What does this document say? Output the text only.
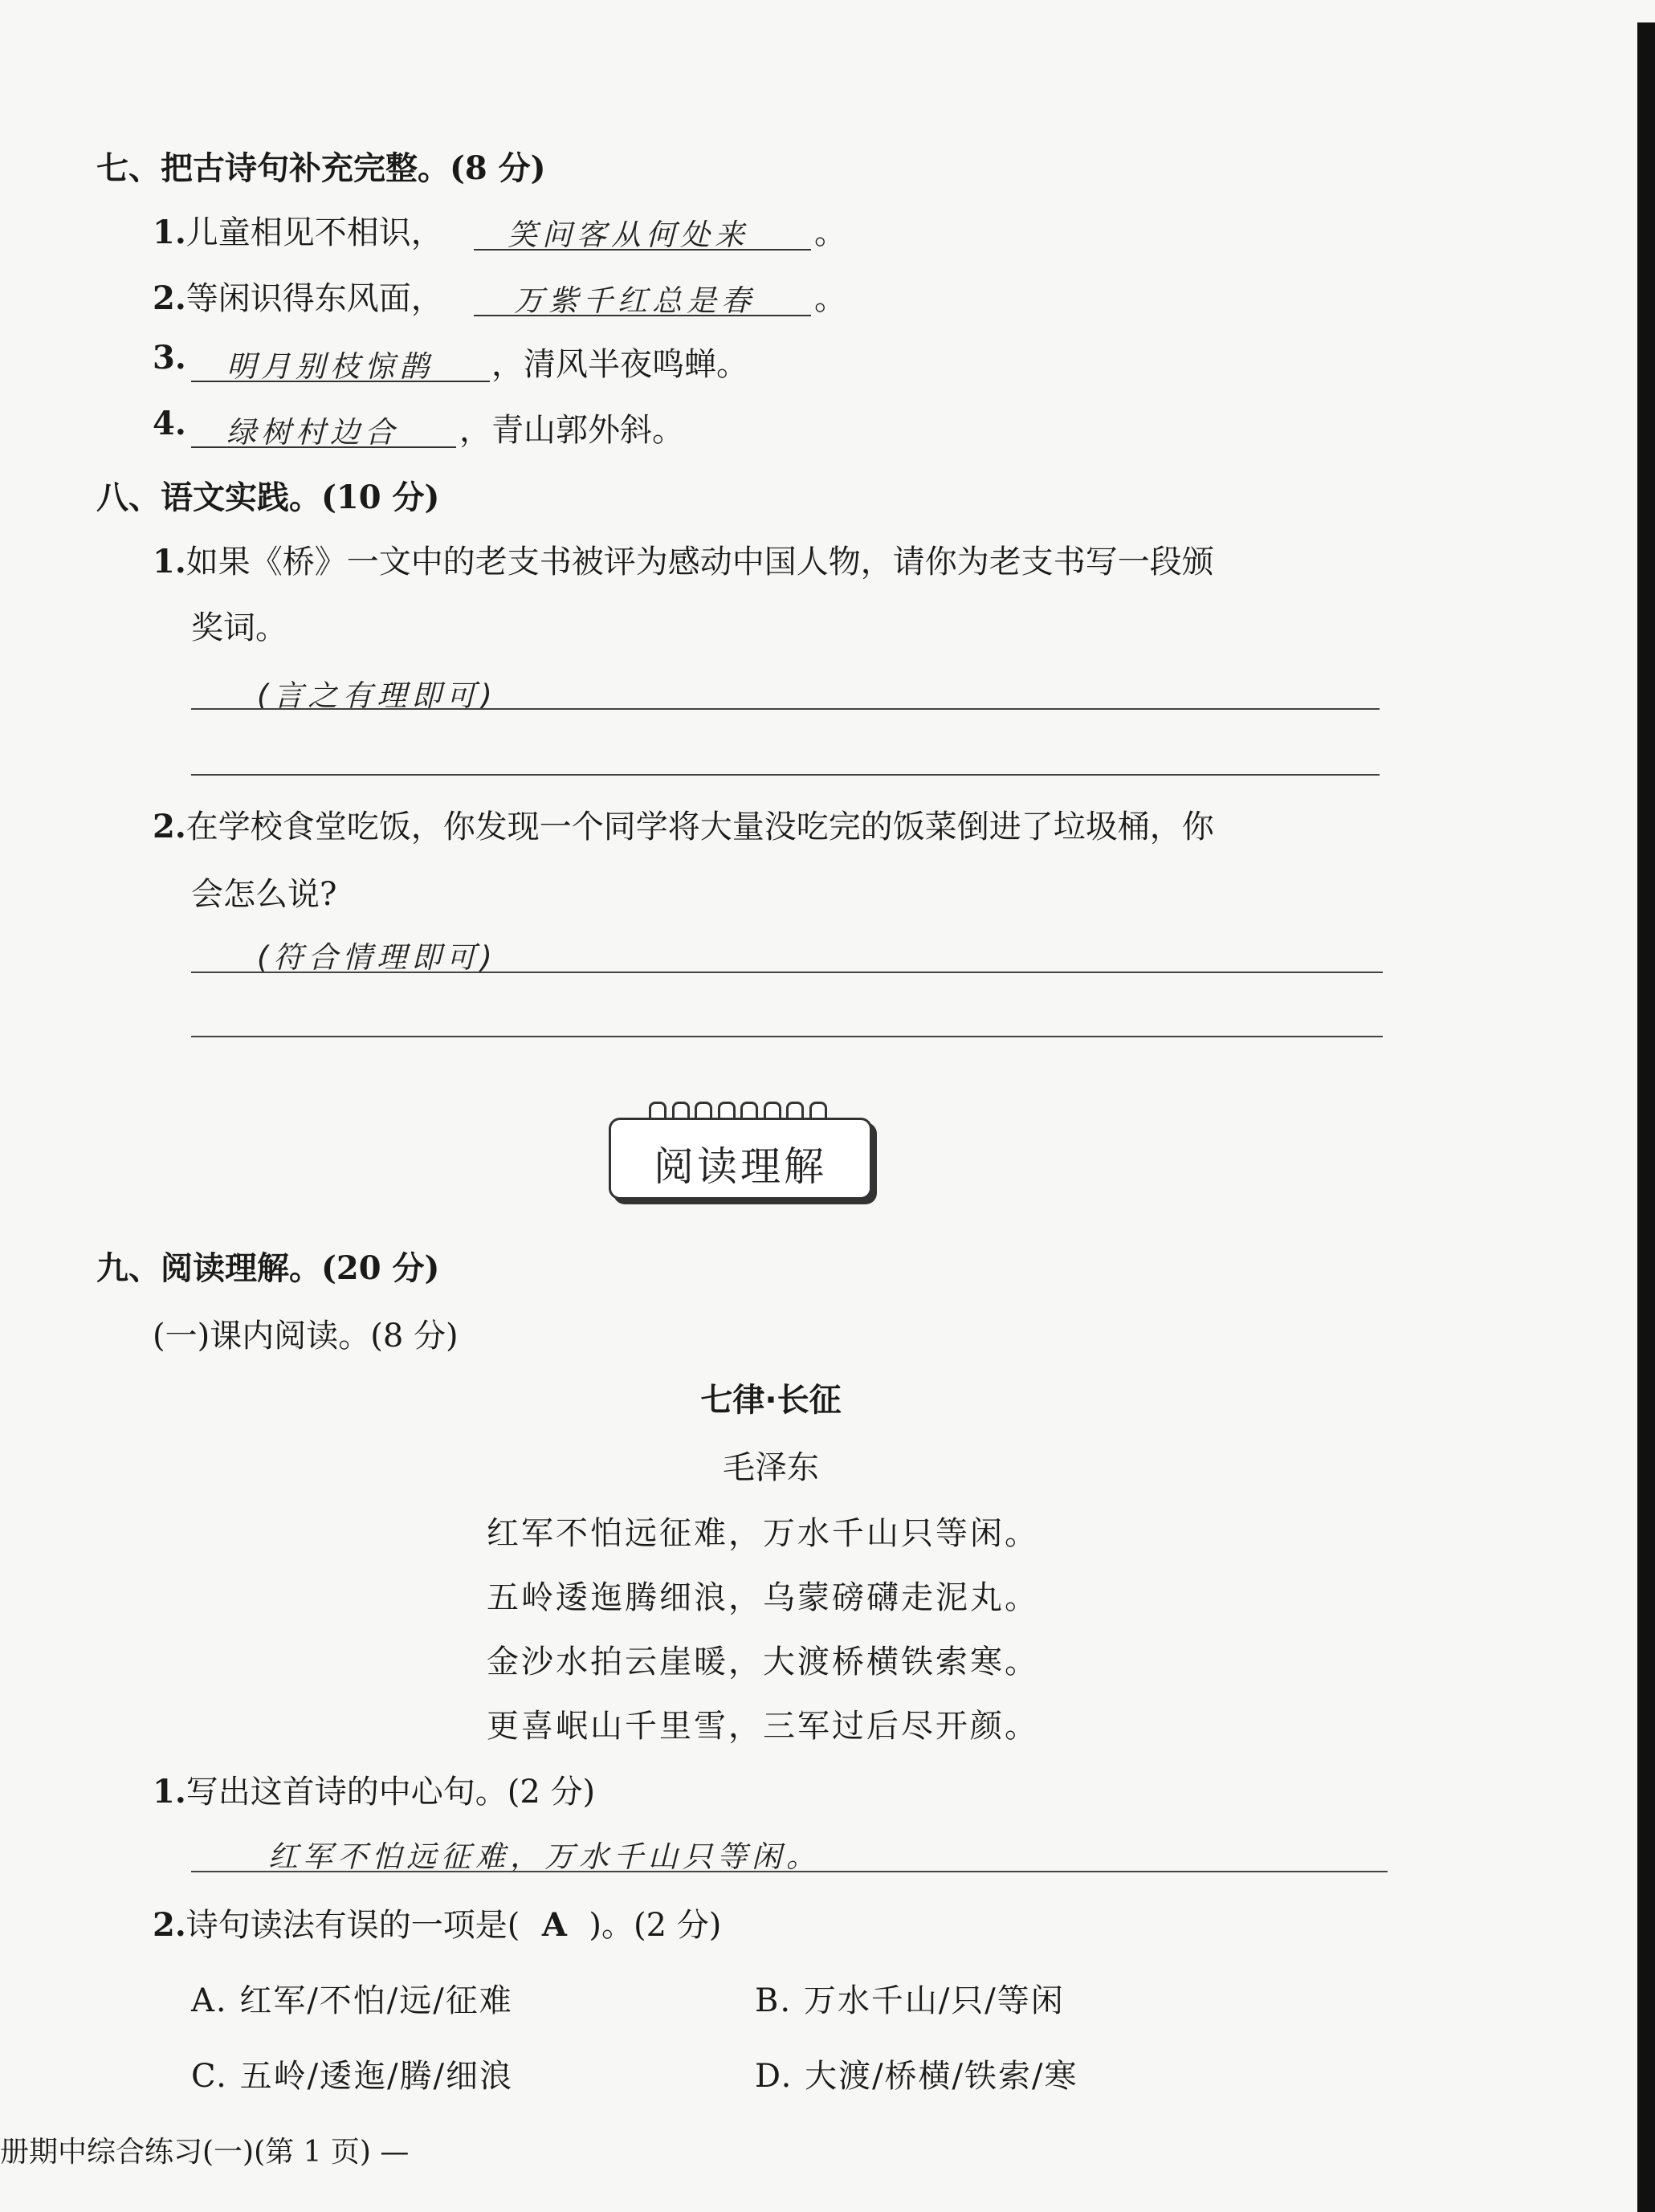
七、把古诗句补充完整。(8 分)
1.儿童相见不相识， 笑问客从何处来 。
2.等闲识得东风面， 万紫千红总是春 。
3. 明月别枝惊鹊 ，清风半夜鸣蝉。
4. 绿树村边合 ，青山郭外斜。
八、语文实践。(10 分)
1.如果《桥》一文中的老支书被评为感动中国人物，请你为老支书写一段颁
奖词。
(言之有理即可)
2.在学校食堂吃饭，你发现一个同学将大量没吃完的饭菜倒进了垃圾桶，你
会怎么说?
(符合情理即可)
阅读理解
九、阅读理解。(20 分)
(一)课内阅读。(8 分)
七律·长征
毛泽东
红军不怕远征难，万水千山只等闲。
五岭逶迤腾细浪，乌蒙磅礴走泥丸。
金沙水拍云崖暖，大渡桥横铁索寒。
更喜岷山千里雪，三军过后尽开颜。
1.写出这首诗的中心句。(2 分)
红军不怕远征难，万水千山只等闲。
2.诗句读法有误的一项是( A )。(2 分)
A. 红军/不怕/远/征难	B. 万水千山/只/等闲
C. 五岭/逶迤/腾/细浪	D. 大渡/桥横/铁索/寒
册期中综合练习(一)(第 1 页) —
